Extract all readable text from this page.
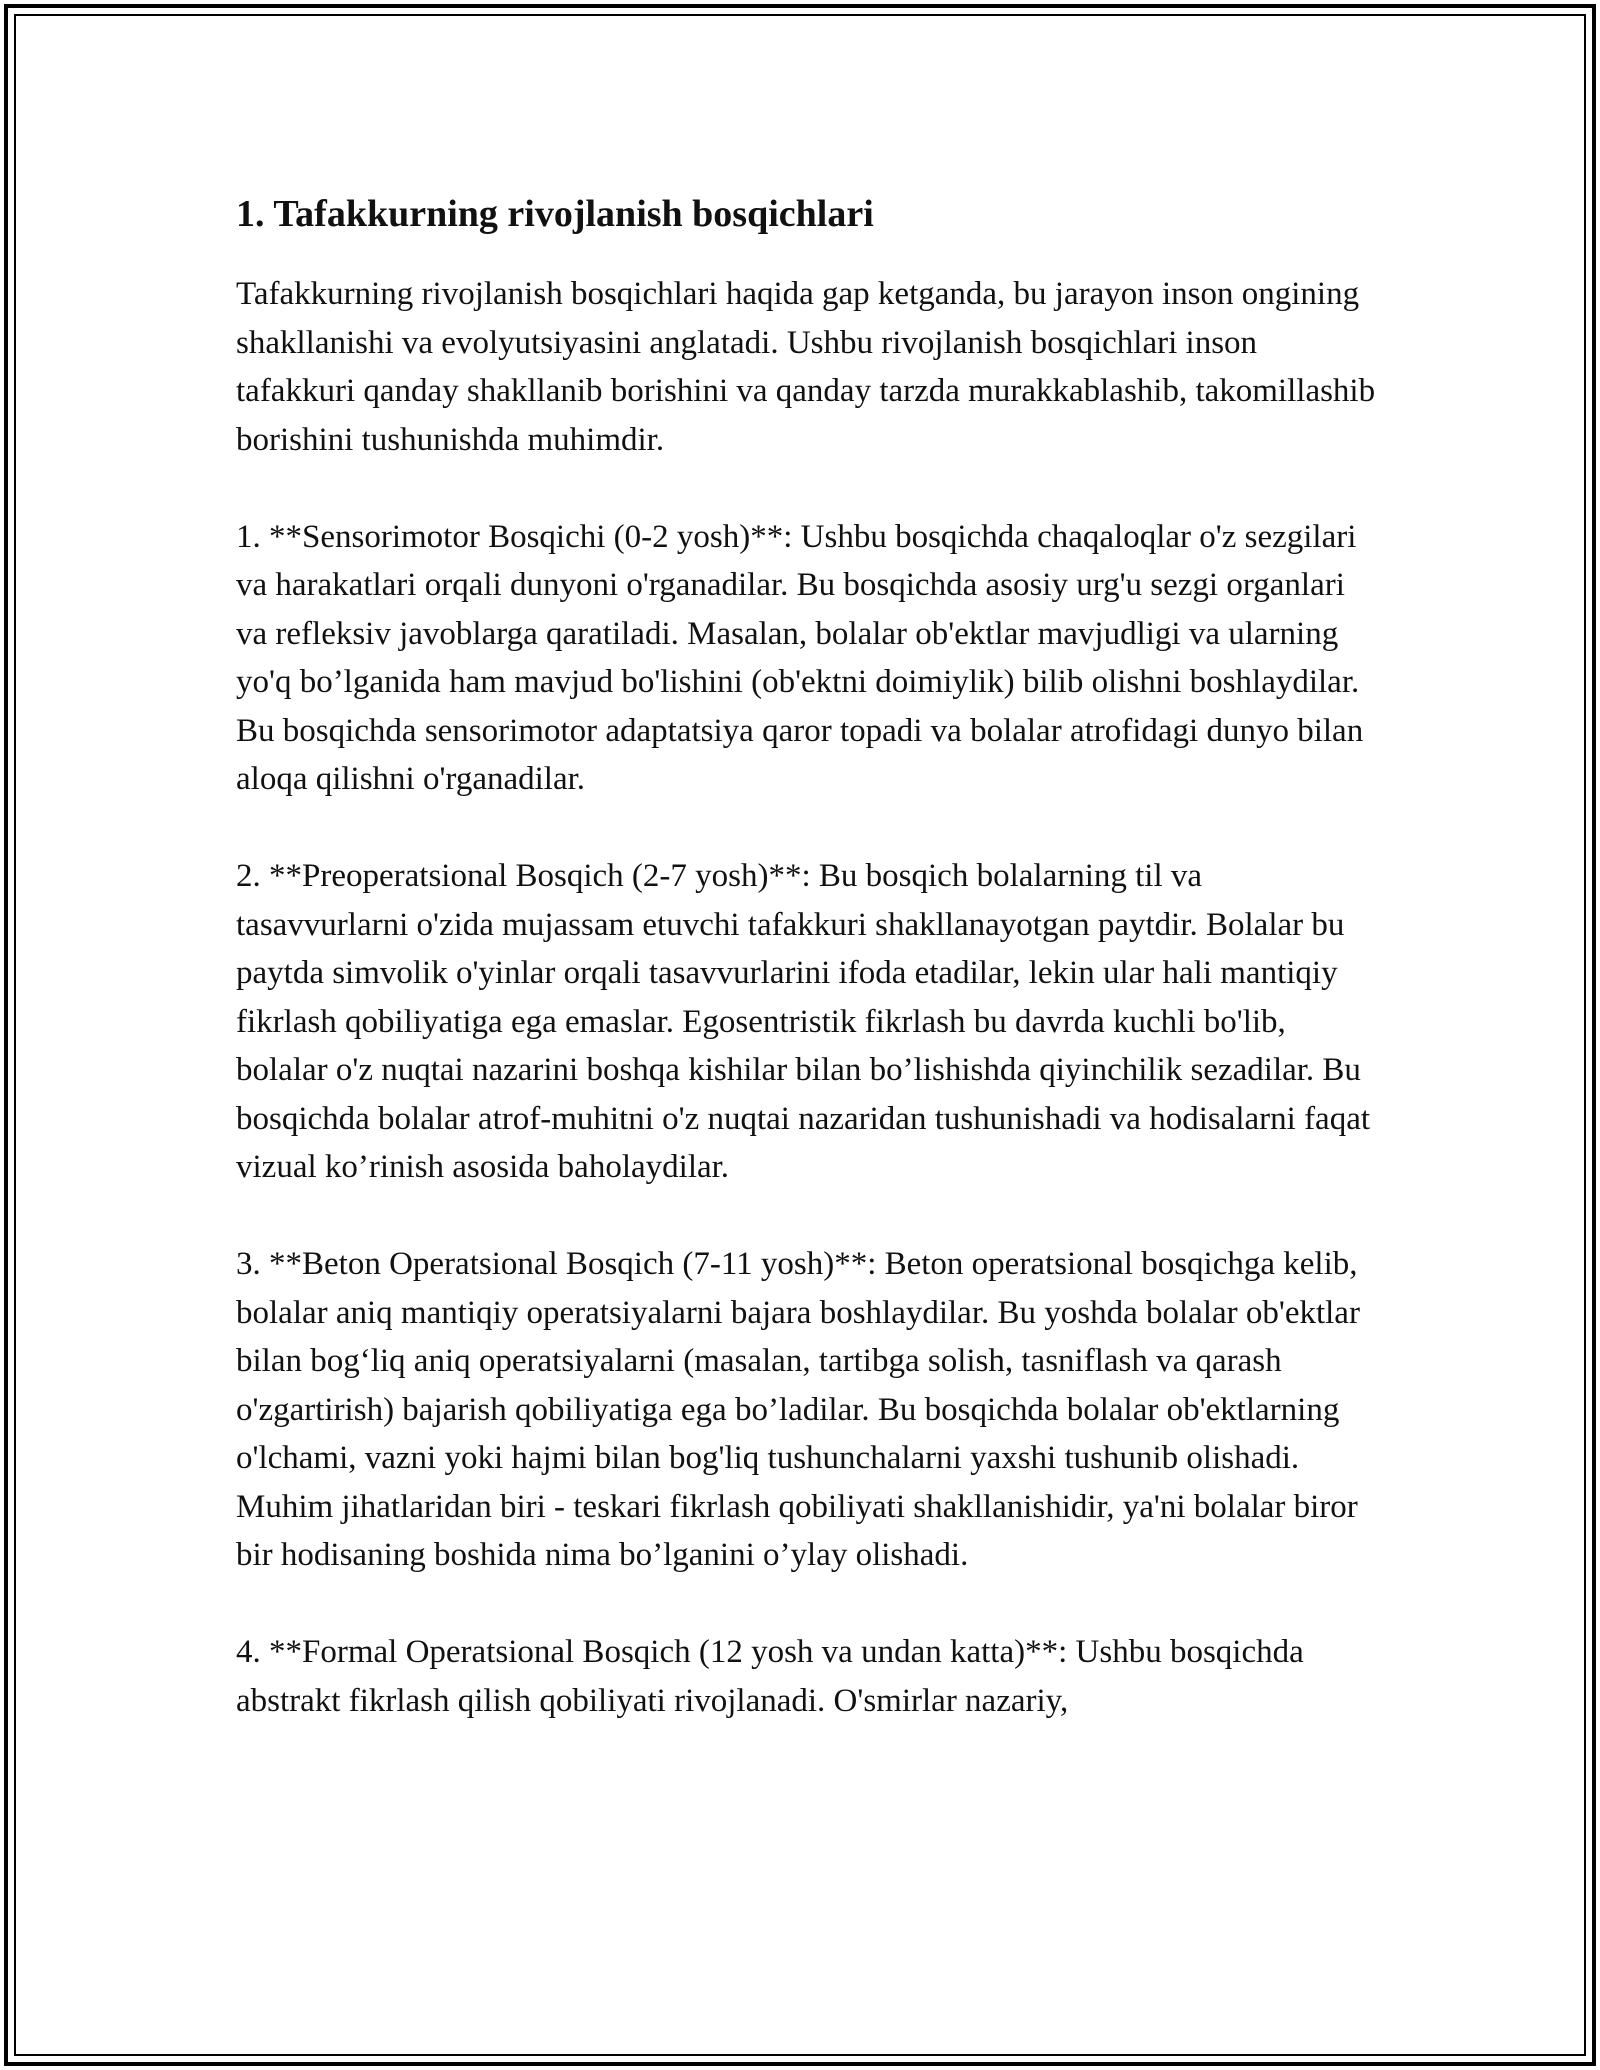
1. Tafakkurning rivojlanish bosqichlari

Tafakkurning rivojlanish bosqichlari haqida gap ketganda, bu jarayon inson ongining shakllanishi va evolyutsiyasini anglatadi. Ushbu rivojlanish bosqichlari inson tafakkuri qanday shakllanib borishini va qanday tarzda murakkablashib, takomillashib borishini tushunishda muhimdir.

1. **Sensorimotor Bosqichi (0-2 yosh)**: Ushbu bosqichda chaqaloqlar o'z sezgilari va harakatlari orqali dunyoni o'rganadilar. Bu bosqichda asosiy urg'u sezgi organlari va refleksiv javoblarga qaratiladi. Masalan, bolalar ob'ektlar mavjudligi va ularning yo'q bo’lganida ham mavjud bo'lishini (ob'ektni doimiylik) bilib olishni boshlaydilar. Bu bosqichda sensorimotor adaptatsiya qaror topadi va bolalar atrofidagi dunyo bilan aloqa qilishni o'rganadilar.

2. **Preoperatsional Bosqich (2-7 yosh)**: Bu bosqich bolalarning til va tasavvurlarni o'zida mujassam etuvchi tafakkuri shakllanayotgan paytdir. Bolalar bu paytda simvolik o'yinlar orqali tasavvurlarini ifoda etadilar, lekin ular hali mantiqiy fikrlash qobiliyatiga ega emaslar. Egosentristik fikrlash bu davrda kuchli bo'lib, bolalar o'z nuqtai nazarini boshqa kishilar bilan bo’lishishda qiyinchilik sezadilar. Bu bosqichda bolalar atrof-muhitni o'z nuqtai nazaridan tushunishadi va hodisalarni faqat vizual ko’rinish asosida baholaydilar.

3. **Beton Operatsional Bosqich (7-11 yosh)**: Beton operatsional bosqichga kelib, bolalar aniq mantiqiy operatsiyalarni bajara boshlaydilar. Bu yoshda bolalar ob'ektlar bilan bog‘liq aniq operatsiyalarni (masalan, tartibga solish, tasniflash va qarash o'zgartirish) bajarish qobiliyatiga ega bo’ladilar. Bu bosqichda bolalar ob'ektlarning o'lchami, vazni yoki hajmi bilan bog'liq tushunchalarni yaxshi tushunib olishadi. Muhim jihatlaridan biri - teskari fikrlash qobiliyati shakllanishidir, ya'ni bolalar biror bir hodisaning boshida nima bo’lganini o’ylay olishadi.

4. **Formal Operatsional Bosqich (12 yosh va undan katta)**: Ushbu bosqichda abstrakt fikrlash qilish qobiliyati rivojlanadi. O'smirlar nazariy,
